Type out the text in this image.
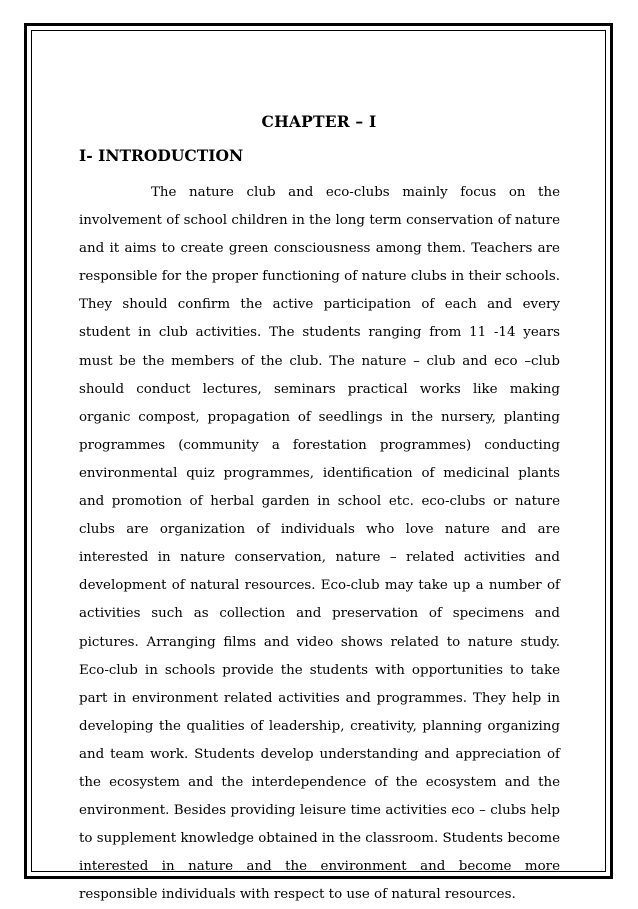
CHAPTER – I
I- INTRODUCTION

The nature club and eco-clubs mainly focus on the involvement of school children in the long term conservation of nature and it aims to create green consciousness among them. Teachers are responsible for the proper functioning of nature clubs in their schools. They should confirm the active participation of each and every student in club activities. The students ranging from 11 -14 years must be the members of the club. The nature – club and eco –club should conduct lectures, seminars practical works like making organic compost, propagation of seedlings in the nursery, planting programmes (community a forestation programmes) conducting environmental quiz programmes, identification of medicinal plants and promotion of herbal garden in school etc. eco-clubs or nature clubs are organization of individuals who love nature and are interested in nature conservation, nature – related activities and development of natural resources. Eco-club may take up a number of activities such as collection and preservation of specimens and pictures. Arranging films and video shows related to nature study. Eco-club in schools provide the students with opportunities to take part in environment related activities and programmes. They help in developing the qualities of leadership, creativity, planning organizing and team work. Students develop understanding and appreciation of the ecosystem and the interdependence of the ecosystem and the environment. Besides providing leisure time activities eco – clubs help to supplement knowledge obtained in the classroom. Students become interested in nature and the environment and become more responsible individuals with respect to use of natural resources.
